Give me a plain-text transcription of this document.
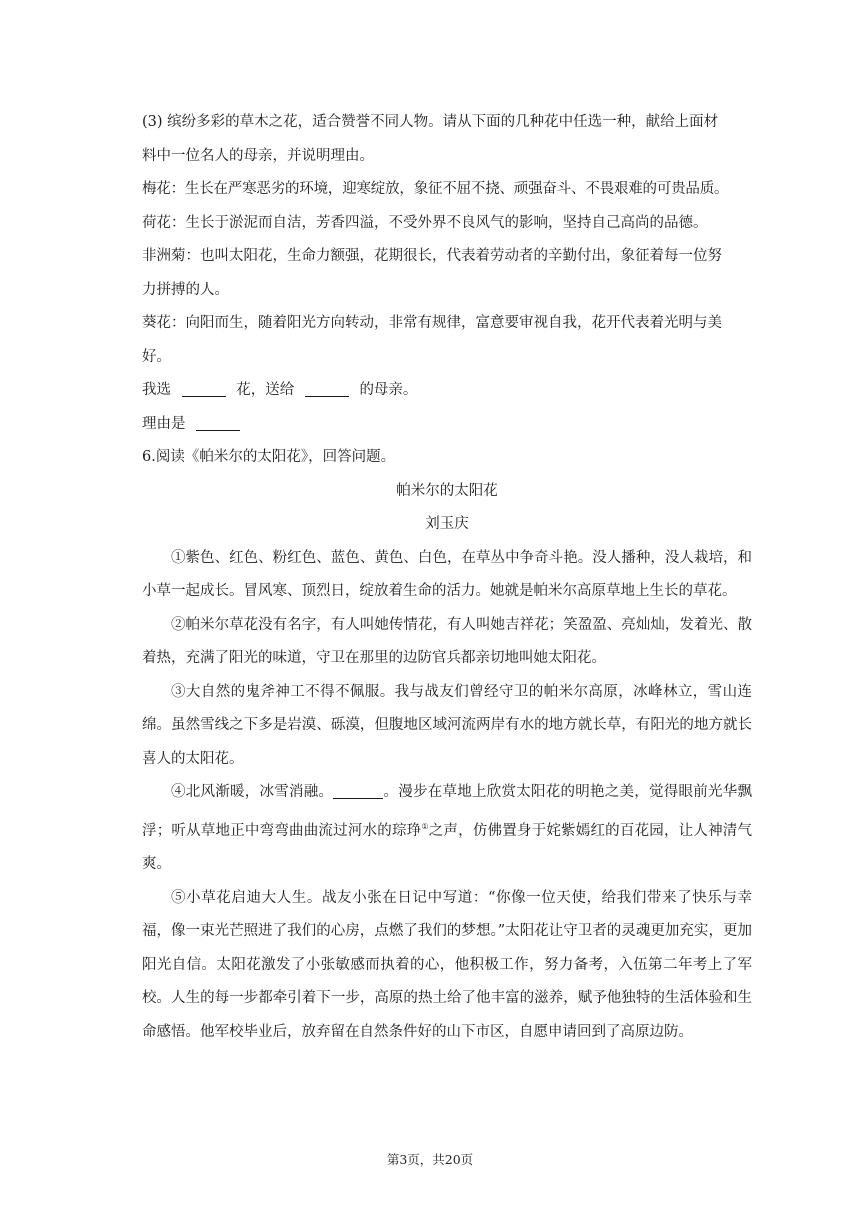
(3) 缤纷多彩的草木之花，适合赞誉不同人物。请从下面的几种花中任选一种，献给上面材

料中一位名人的母亲，并说明理由。

梅花：生长在严寒恶劣的环境，迎寒绽放，象征不屈不挠、顽强奋斗、不畏艰难的可贵品质。

荷花：生长于淤泥而自洁，芳香四溢，不受外界不良风气的影响，坚持自己高尚的品德。

非洲菊：也叫太阳花，生命力额强，花期很长，代表着劳动者的辛勤付出，象征着每一位努

力拼搏的人。

葵花：向阳而生，随着阳光方向转动，非常有规律，富意要审视自我，花开代表着光明与美

好。

我选	花，送给	的母亲。

理由是

6.阅读《帕米尔的太阳花》，回答问题。

帕米尔的太阳花

刘玉庆

①紫色、红色、粉红色、蓝色、黄色、白色，在草丛中争奇斗艳。没人播种，没人栽培，和小草一起成长。冒风寒、顶烈日，绽放着生命的活力。她就是帕米尔高原草地上生长的草花。

②帕米尔草花没有名字，有人叫她传情花，有人叫她吉祥花；笑盈盈、亮灿灿，发着光、散着热，充满了阳光的味道，守卫在那里的边防官兵都亲切地叫她太阳花。

③大自然的鬼斧神工不得不佩服。我与战友们曾经守卫的帕米尔高原，冰峰林立，雪山连绵。虽然雪线之下多是岩漠、砾漠，但腹地区域河流两岸有水的地方就长草，有阳光的地方就长喜人的太阳花。

④北风渐暖，冰雪消融。	。漫步在草地上欣赏太阳花的明艳之美，觉得眼前光华飘浮；听从草地正中弯弯曲曲流过河水的琮琤①之声，仿佛置身于姹紫嫣红的百花园，让人神清气爽。

⑤小草花启迪大人生。战友小张在日记中写道：“你像一位天使，给我们带来了快乐与幸福，像一束光芒照进了我们的心房，点燃了我们的梦想。”太阳花让守卫者的灵魂更加充实，更加阳光自信。太阳花激发了小张敏感而执着的心，他积极工作，努力备考，入伍第二年考上了军校。人生的每一步都牵引着下一步，高原的热土给了他丰富的滋养，赋予他独特的生活体验和生命感悟。他军校毕业后，放弃留在自然条件好的山下市区，自愿申请回到了高原边防。

第3页，共20页
